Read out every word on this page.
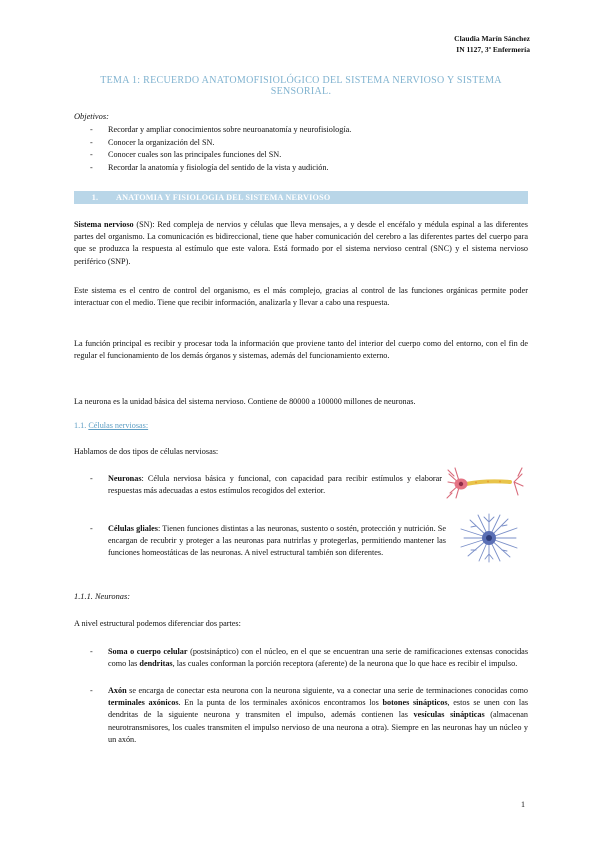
Claudia Marín Sánchez
IN 1127, 3º Enfermería
TEMA 1: RECUERDO ANATOMOFISIOLÓGICO DEL SISTEMA NERVIOSO Y SISTEMA SENSORIAL.
Objetivos:
- Recordar y ampliar conocimientos sobre neuroanatomía y neurofisiología.
- Conocer la organización del SN.
- Conocer cuales son las principales funciones del SN.
- Recordar la anatomía y fisiología del sentido de la vista y audición.
1. ANATOMIA Y FISIOLOGIA DEL SISTEMA NERVIOSO
Sistema nervioso (SN): Red compleja de nervios y células que lleva mensajes, a y desde el encéfalo y médula espinal a las diferentes partes del organismo. La comunicación es bidireccional, tiene que haber comunicación del cerebro a las diferentes partes del cuerpo para que se produzca la respuesta al estímulo que este valora. Está formado por el sistema nervioso central (SNC) y el sistema nervioso periférico (SNP).
Este sistema es el centro de control del organismo, es el más complejo, gracias al control de las funciones orgánicas permite poder interactuar con el medio. Tiene que recibir información, analizarla y llevar a cabo una respuesta.
La función principal es recibir y procesar toda la información que proviene tanto del interior del cuerpo como del entorno, con el fin de regular el funcionamiento de los demás órganos y sistemas, además del funcionamiento externo.
La neurona es la unidad básica del sistema nervioso. Contiene de 80000 a 100000 millones de neuronas.
1.1. Células nerviosas:
Hablamos de dos tipos de células nerviosas:
- Neuronas: Célula nerviosa básica y funcional, con capacidad para recibir estímulos y elaborar respuestas más adecuadas a estos estímulos recogidos del exterior.
- Células gliales: Tienen funciones distintas a las neuronas, sustento o sostén, protección y nutrición. Se encargan de recubrir y proteger a las neuronas para nutrirlas y protegerlas, permitiendo mantener las funciones homeostáticas de las neuronas. A nivel estructural también son diferentes.
1.1.1. Neuronas:
A nivel estructural podemos diferenciar dos partes:
- Soma o cuerpo celular (postsináptico) con el núcleo, en el que se encuentran una serie de ramificaciones extensas conocidas como las dendritas, las cuales conforman la porción receptora (aferente) de la neurona que lo que hace es recibir el impulso.
- Axón se encarga de conectar esta neurona con la neurona siguiente, va a conectar una serie de terminaciones conocidas como terminales axónicos. En la punta de los terminales axónicos encontramos los botones sinápticos, estos se unen con las dendritas de la siguiente neurona y transmiten el impulso, además contienen las vesículas sinápticas (almacenan neurotransmisores, los cuales transmiten el impulso nervioso de una neurona a otra). Siempre en las neuronas hay un núcleo y un axón.
1
